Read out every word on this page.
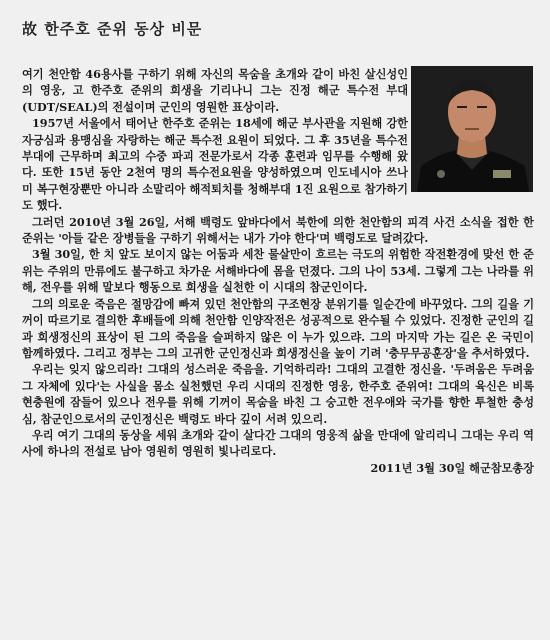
故 한주호 준위 동상 비문

여기 천안함 46용사를 구하기 위해 자신의 목숨을 초개와 같이 바친 살신성인의 영웅, 고 한주호 준위의 희생을 기리나니 그는 진정 해군 특수전 부대(UDT/SEAL)의 전설이며 군인의 영원한 표상이라.

1957년 서울에서 태어난 한주호 준위는 18세에 해군 부사관을 지원해 강한 자긍심과 용맹심을 자랑하는 해군 특수전 요원이 되었다. 그 후 35년을 특수전부대에 근무하며 최고의 수중 파괴 전문가로서 각종 훈련과 임무를 수행해 왔다. 또한 15년 동안 2천여 명의 특수전요원을 양성하였으며 인도네시아 쓰나미 복구현장뿐만 아니라 소말리아 해적퇴치를 청해부대 1진 요원으로 참가하기도 했다.

그러던 2010년 3월 26일, 서해 백령도 앞바다에서 북한에 의한 천안함의 피격 사건 소식을 접한 한 준위는 '아들 같은 장병들을 구하기 위해서는 내가 가야 한다'며 백령도로 달려갔다.

3월 30일, 한 치 앞도 보이지 않는 어둠과 세찬 물살만이 흐르는 극도의 위험한 작전환경에 맞선 한 준위는 주위의 만류에도 불구하고 차가운 서해바다에 몸을 던졌다. 그의 나이 53세. 그렇게 그는 나라를 위해, 전우를 위해 말보다 행동으로 희생을 실천한 이 시대의 참군인이다.

그의 의로운 죽음은 절망감에 빠져 있던 천안함의 구조현장 분위기를 일순간에 바꾸었다. 그의 길을 기꺼이 따르기로 결의한 후배들에 의해 천안함 인양작전은 성공적으로 완수될 수 있었다. 진정한 군인의 길과 희생정신의 표상이 된 그의 죽음을 슬퍼하지 않은 이 누가 있으랴. 그의 마지막 가는 길은 온 국민이 함께하였다. 그리고 정부는 그의 고귀한 군인정신과 희생정신을 높이 기려 '충무무공훈장'을 추서하였다.

우리는 잊지 않으리라! 그대의 성스러운 죽음을. 기억하리라! 그대의 고결한 정신을. '두려움은 두려움 그 자체에 있다'는 사실을 몸소 실천했던 우리 시대의 진정한 영웅, 한주호 준위여! 그대의 육신은 비록 현충원에 잠들어 있으나 전우를 위해 기꺼이 목숨을 바친 그 숭고한 전우애와 국가를 향한 투철한 충성심, 참군인으로서의 군인정신은 백령도 바다 깊이 서려 있으리.

우리 여기 그대의 동상을 세워 초개와 같이 살다간 그대의 영웅적 삶을 만대에 알리리니 그대는 우리 역사에 하나의 전설로 남아 영원히 영원히 빛나리로다.

2011년 3월 30일 해군참모총장
